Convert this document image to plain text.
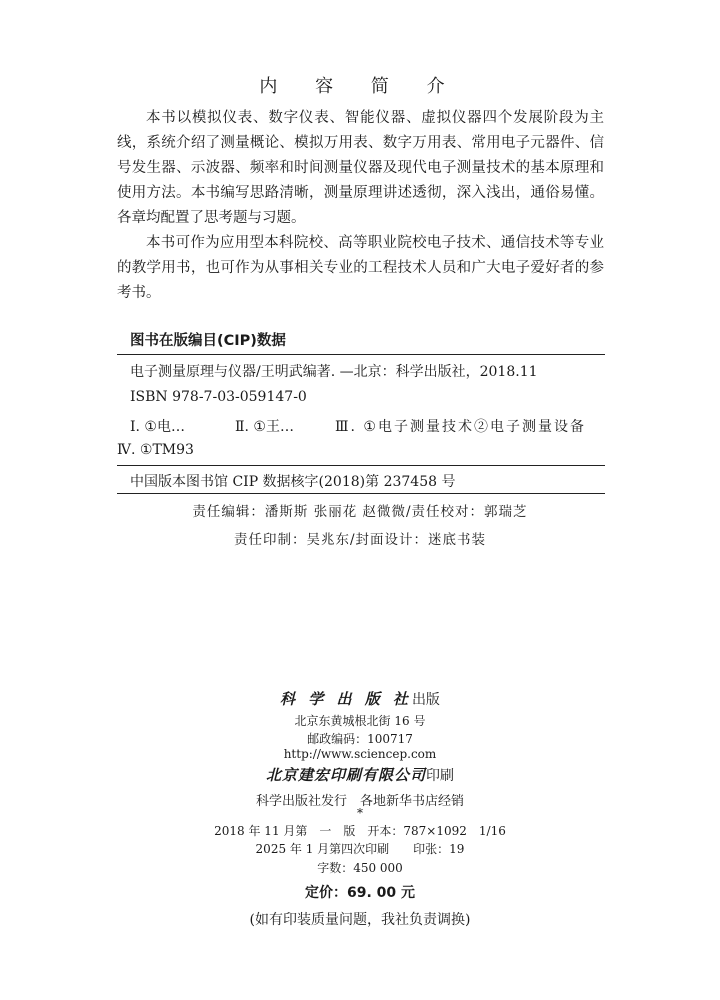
内 容 简 介

本书以模拟仪表、数字仪表、智能仪器、虚拟仪器四个发展阶段为主线，系统介绍了测量概论、模拟万用表、数字万用表、常用电子元器件、信号发生器、示波器、频率和时间测量仪器及现代电子测量技术的基本原理和使用方法。本书编写思路清晰，测量原理讲述透彻，深入浅出，通俗易懂。各章均配置了思考题与习题。

本书可作为应用型本科院校、高等职业院校电子技术、通信技术等专业的教学用书，也可作为从事相关专业的工程技术人员和广大电子爱好者的参考书。

图书在版编目(CIP)数据
电子测量原理与仪器/王明武编著. —北京：科学出版社，2018.11
ISBN 978-7-03-059147-0
Ⅰ. ①电…	Ⅱ. ①王…	Ⅲ. ①电子测量技术②电子测量设备
Ⅳ. ①TM93
中国版本图书馆 CIP 数据核字(2018)第 237458 号
责任编辑：潘斯斯 张丽花 赵微微/责任校对：郭瑞芝
责任印制：吴兆东/封面设计：迷底书装
科 学 出 版 社出版
北京东黄城根北街 16 号
邮政编码：100717
http://www.sciencep.com
北京建宏印刷有限公司印刷
科学出版社发行　各地新华书店经销
*
2018 年 11 月第　一　版　开本：787×1092　1/16
2025 年 1 月第四次印刷　　印张：19
字数：450 000
定价：69. 00 元
(如有印装质量问题，我社负责调换)
